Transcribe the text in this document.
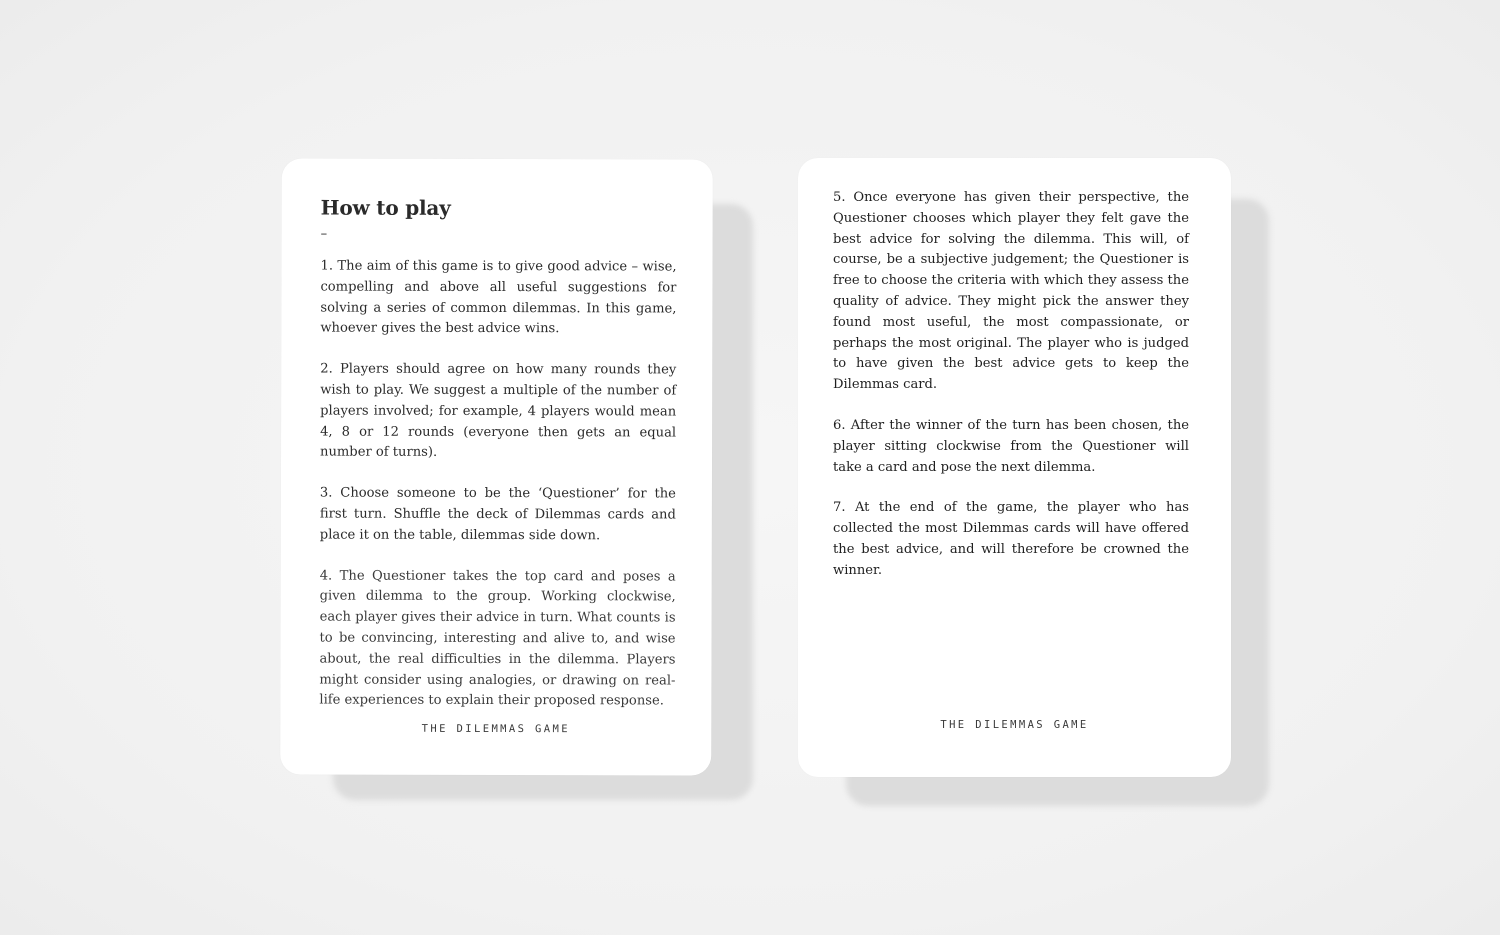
How to play
–

1. The aim of this game is to give good advice – wise, compelling and above all useful suggestions for solving a series of common dilemmas. In this game, whoever gives the best advice wins.

2. Players should agree on how many rounds they wish to play. We suggest a multiple of the number of players involved; for example, 4 players would mean 4, 8 or 12 rounds (everyone then gets an equal number of turns).

3. Choose someone to be the ‘Questioner’ for the first turn. Shuffle the deck of Dilemmas cards and place it on the table, dilemmas side down.

4. The Questioner takes the top card and poses a given dilemma to the group. Working clockwise, each player gives their advice in turn. What counts is to be convincing, interesting and alive to, and wise about, the real difficulties in the dilemma. Players might consider using analogies, or drawing on real-life experiences to explain their proposed response.

THE DILEMMAS GAME

5. Once everyone has given their perspective, the Questioner chooses which player they felt gave the best advice for solving the dilemma. This will, of course, be a subjective judgement; the Questioner is free to choose the criteria with which they assess the quality of advice. They might pick the answer they found most useful, the most compassionate, or perhaps the most original. The player who is judged to have given the best advice gets to keep the Dilemmas card.

6. After the winner of the turn has been chosen, the player sitting clockwise from the Questioner will take a card and pose the next dilemma.

7. At the end of the game, the player who has collected the most Dilemmas cards will have offered the best advice, and will therefore be crowned the winner.

THE DILEMMAS GAME
